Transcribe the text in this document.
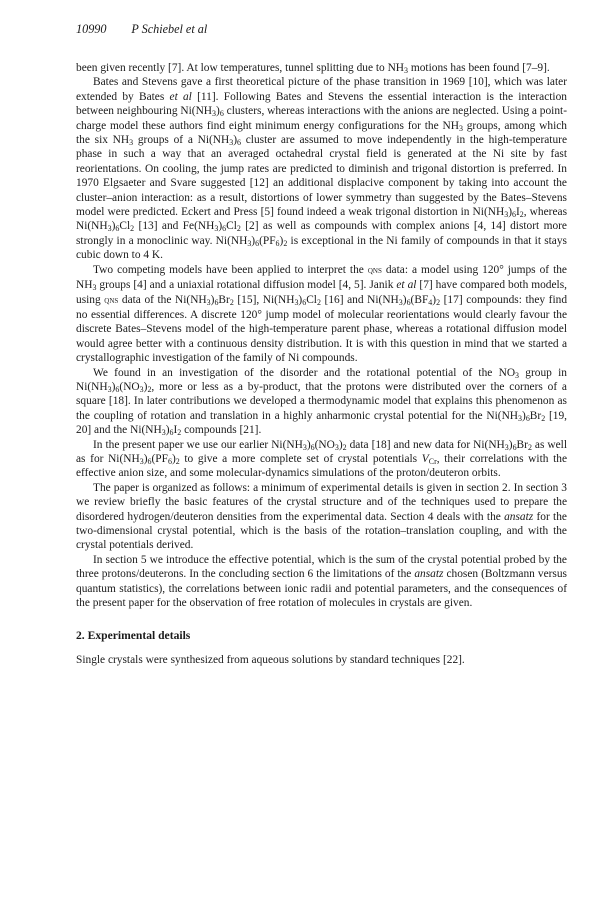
10990 P Schiebel et al

been given recently [7]. At low temperatures, tunnel splitting due to $NH_3$ motions has been found [7–9].

Bates and Stevens gave a first theoretical picture of the phase transition in 1969 [10], which was later extended by Bates et al [11]. Following Bates and Stevens the essential interaction is the interaction between neighbouring $Ni(NH_3)_6$ clusters, whereas interactions with the anions are neglected. Using a point-charge model these authors find eight minimum energy configurations for the $NH_3$ groups, among which the six $NH_3$ groups of a $Ni(NH_3)_6$ cluster are assumed to move independently in the high-temperature phase in such a way that an averaged octahedral crystal field is generated at the Ni site by fast reorientations. On cooling, the jump rates are predicted to diminish and trigonal distortion is preferred. In 1970 Elgsaeter and Svare suggested [12] an additional displacive component by taking into account the cluster–anion interaction: as a result, distortions of lower symmetry than suggested by the Bates–Stevens model were predicted. Eckert and Press [5] found indeed a weak trigonal distortion in $Ni(NH_3)_6I_2$, whereas $Ni(NH_3)_6Cl_2$ [13] and $Fe(NH_3)_6Cl_2$ [2] as well as compounds with complex anions [4, 14] distort more strongly in a monoclinic way. $Ni(NH_3)_6(PF_6)_2$ is exceptional in the Ni family of compounds in that it stays cubic down to 4 K.

Two competing models have been applied to interpret the qns data: a model using 120° jumps of the $NH_3$ groups [4] and a uniaxial rotational diffusion model [4, 5]. Janik et al [7] have compared both models, using qns data of the $Ni(NH_3)_6Br_2$ [15], $Ni(NH_3)_6Cl_2$ [16] and $Ni(NH_3)_6(BF_4)_2$ [17] compounds: they find no essential differences. A discrete 120° jump model of molecular reorientations would clearly favour the discrete Bates–Stevens model of the high-temperature parent phase, whereas a rotational diffusion model would agree better with a continuous density distribution. It is with this question in mind that we started a crystallographic investigation of the family of Ni compounds.

We found in an investigation of the disorder and the rotational potential of the $NO_3$ group in $Ni(NH_3)_6(NO_3)_2$, more or less as a by-product, that the protons were distributed over the corners of a square [18]. In later contributions we developed a thermodynamic model that explains this phenomenon as the coupling of rotation and translation in a highly anharmonic crystal potential for the $Ni(NH_3)_6Br_2$ [19, 20] and the $Ni(NH_3)_6I_2$ compounds [21].

In the present paper we use our earlier $Ni(NH_3)_6(NO_3)_2$ data [18] and new data for $Ni(NH_3)_6Br_2$ as well as for $Ni(NH_3)_6(PF_6)_2$ to give a more complete set of crystal potentials $V_{Cr}$, their correlations with the effective anion size, and some molecular-dynamics simulations of the proton/deuteron orbits.

The paper is organized as follows: a minimum of experimental details is given in section 2. In section 3 we review briefly the basic features of the crystal structure and of the techniques used to prepare the disordered hydrogen/deuteron densities from the experimental data. Section 4 deals with the ansatz for the two-dimensional crystal potential, which is the basis of the rotation–translation coupling, and with the crystal potentials derived.

In section 5 we introduce the effective potential, which is the sum of the crystal potential probed by the three protons/deuterons. In the concluding section 6 the limitations of the ansatz chosen (Boltzmann versus quantum statistics), the correlations between ionic radii and potential parameters, and the consequences of the present paper for the observation of free rotation of molecules in crystals are given.

2. Experimental details

Single crystals were synthesized from aqueous solutions by standard techniques [22].
